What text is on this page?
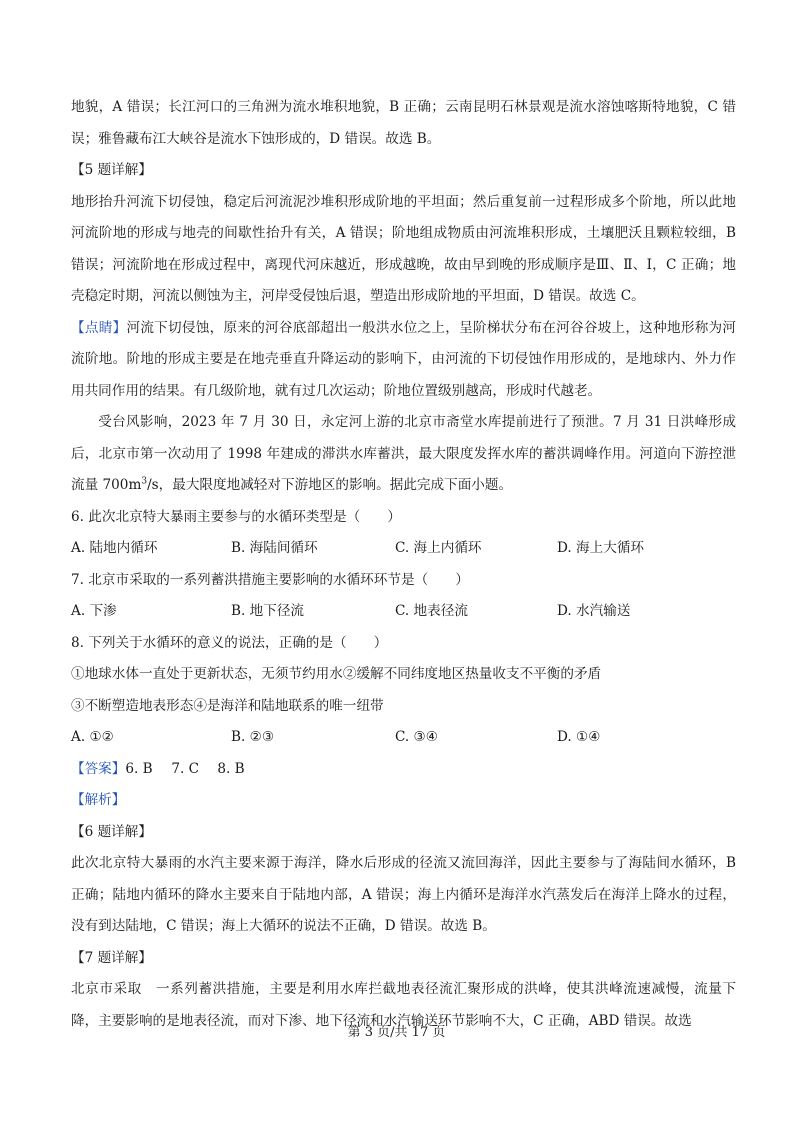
地貌，A 错误；长江河口的三角洲为流水堆积地貌，B 正确；云南昆明石林景观是流水溶蚀喀斯特地貌，C 错误；雅鲁藏布江大峡谷是流水下蚀形成的，D 错误。故选 B。

【5 题详解】

地形抬升河流下切侵蚀，稳定后河流泥沙堆积形成阶地的平坦面；然后重复前一过程形成多个阶地，所以此地河流阶地的形成与地壳的间歇性抬升有关，A 错误；阶地组成物质由河流堆积形成，土壤肥沃且颗粒较细，B 错误；河流阶地在形成过程中，离现代河床越近，形成越晚，故由早到晚的形成顺序是Ⅲ、Ⅱ、Ⅰ，C 正确；地壳稳定时期，河流以侧蚀为主，河岸受侵蚀后退，塑造出形成阶地的平坦面，D 错误。故选 C。

【点睛】河流下切侵蚀，原来的河谷底部超出一般洪水位之上，呈阶梯状分布在河谷谷坡上，这种地形称为河流阶地。阶地的形成主要是在地壳垂直升降运动的影响下，由河流的下切侵蚀作用形成的，是地球内、外力作用共同作用的结果。有几级阶地，就有过几次运动；阶地位置级别越高，形成时代越老。

受台风影响，2023 年 7 月 30 日，永定河上游的北京市斋堂水库提前进行了预泄。7 月 31 日洪峰形成后，北京市第一次动用了 1998 年建成的滞洪水库蓄洪，最大限度发挥水库的蓄洪调峰作用。河道向下游控泄流量 $700m^3/s$，最大限度地减轻对下游地区的影响。据此完成下面小题。

6. 此次北京特大暴雨主要参与的水循环类型是（　　）

A. 陆地内循环	B. 海陆间循环	C. 海上内循环	D. 海上大循环

7. 北京市采取的一系列蓄洪措施主要影响的水循环环节是（　　）

A. 下渗	B. 地下径流	C. 地表径流	D. 水汽输送

8. 下列关于水循环的意义的说法，正确的是（　　）

①地球水体一直处于更新状态，无须节约用水②缓解不同纬度地区热量收支不平衡的矛盾

③不断塑造地表形态④是海洋和陆地联系的唯一纽带

A. ①②	B. ②③	C. ③④	D. ①④

【答案】6. B 7. C 8. B

【解析】

【6 题详解】

此次北京特大暴雨的水汽主要来源于海洋，降水后形成的径流又流回海洋，因此主要参与了海陆间水循环，B 正确；陆地内循环的降水主要来自于陆地内部，A 错误；海上内循环是海洋水汽蒸发后在海洋上降水的过程，没有到达陆地，C 错误；海上大循环的说法不正确，D 错误。故选 B。

【7 题详解】

北京市采取　一系列蓄洪措施，主要是利用水库拦截地表径流汇聚形成的洪峰，使其洪峰流速减慢，流量下降，主要影响的是地表径流，而对下渗、地下径流和水汽输送环节影响不大，C 正确，ABD 错误。故选

第 3 页/共 17 页
